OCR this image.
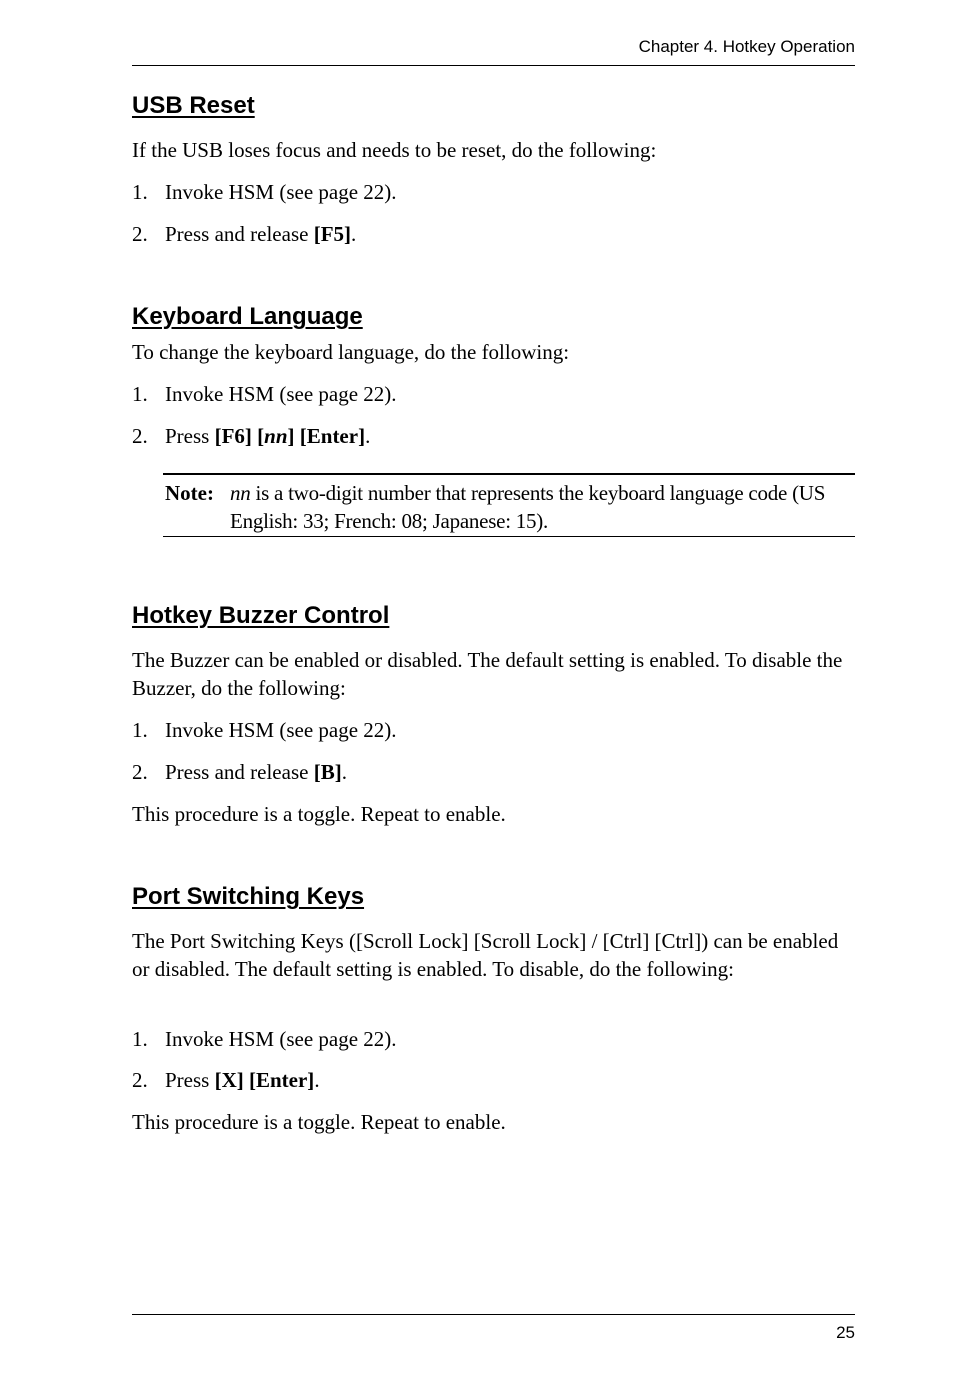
Chapter 4. Hotkey Operation
USB Reset

If the USB loses focus and needs to be reset, do the following:

1. Invoke HSM (see page 22).
2. Press and release [F5].
Keyboard Language

To change the keyboard language, do the following:

1. Invoke HSM (see page 22).
2. Press [F6] [nn] [Enter].
Note: nn is a two-digit number that represents the keyboard language code (US English: 33; French: 08; Japanese: 15).
Hotkey Buzzer Control

The Buzzer can be enabled or disabled. The default setting is enabled. To disable the Buzzer, do the following:

1. Invoke HSM (see page 22).
2. Press and release [B].

This procedure is a toggle. Repeat to enable.

Port Switching Keys

The Port Switching Keys ([Scroll Lock] [Scroll Lock] / [Ctrl] [Ctrl]) can be enabled or disabled. The default setting is enabled. To disable, do the following:

1. Invoke HSM (see page 22).
2. Press [X] [Enter].

This procedure is a toggle. Repeat to enable.

25
